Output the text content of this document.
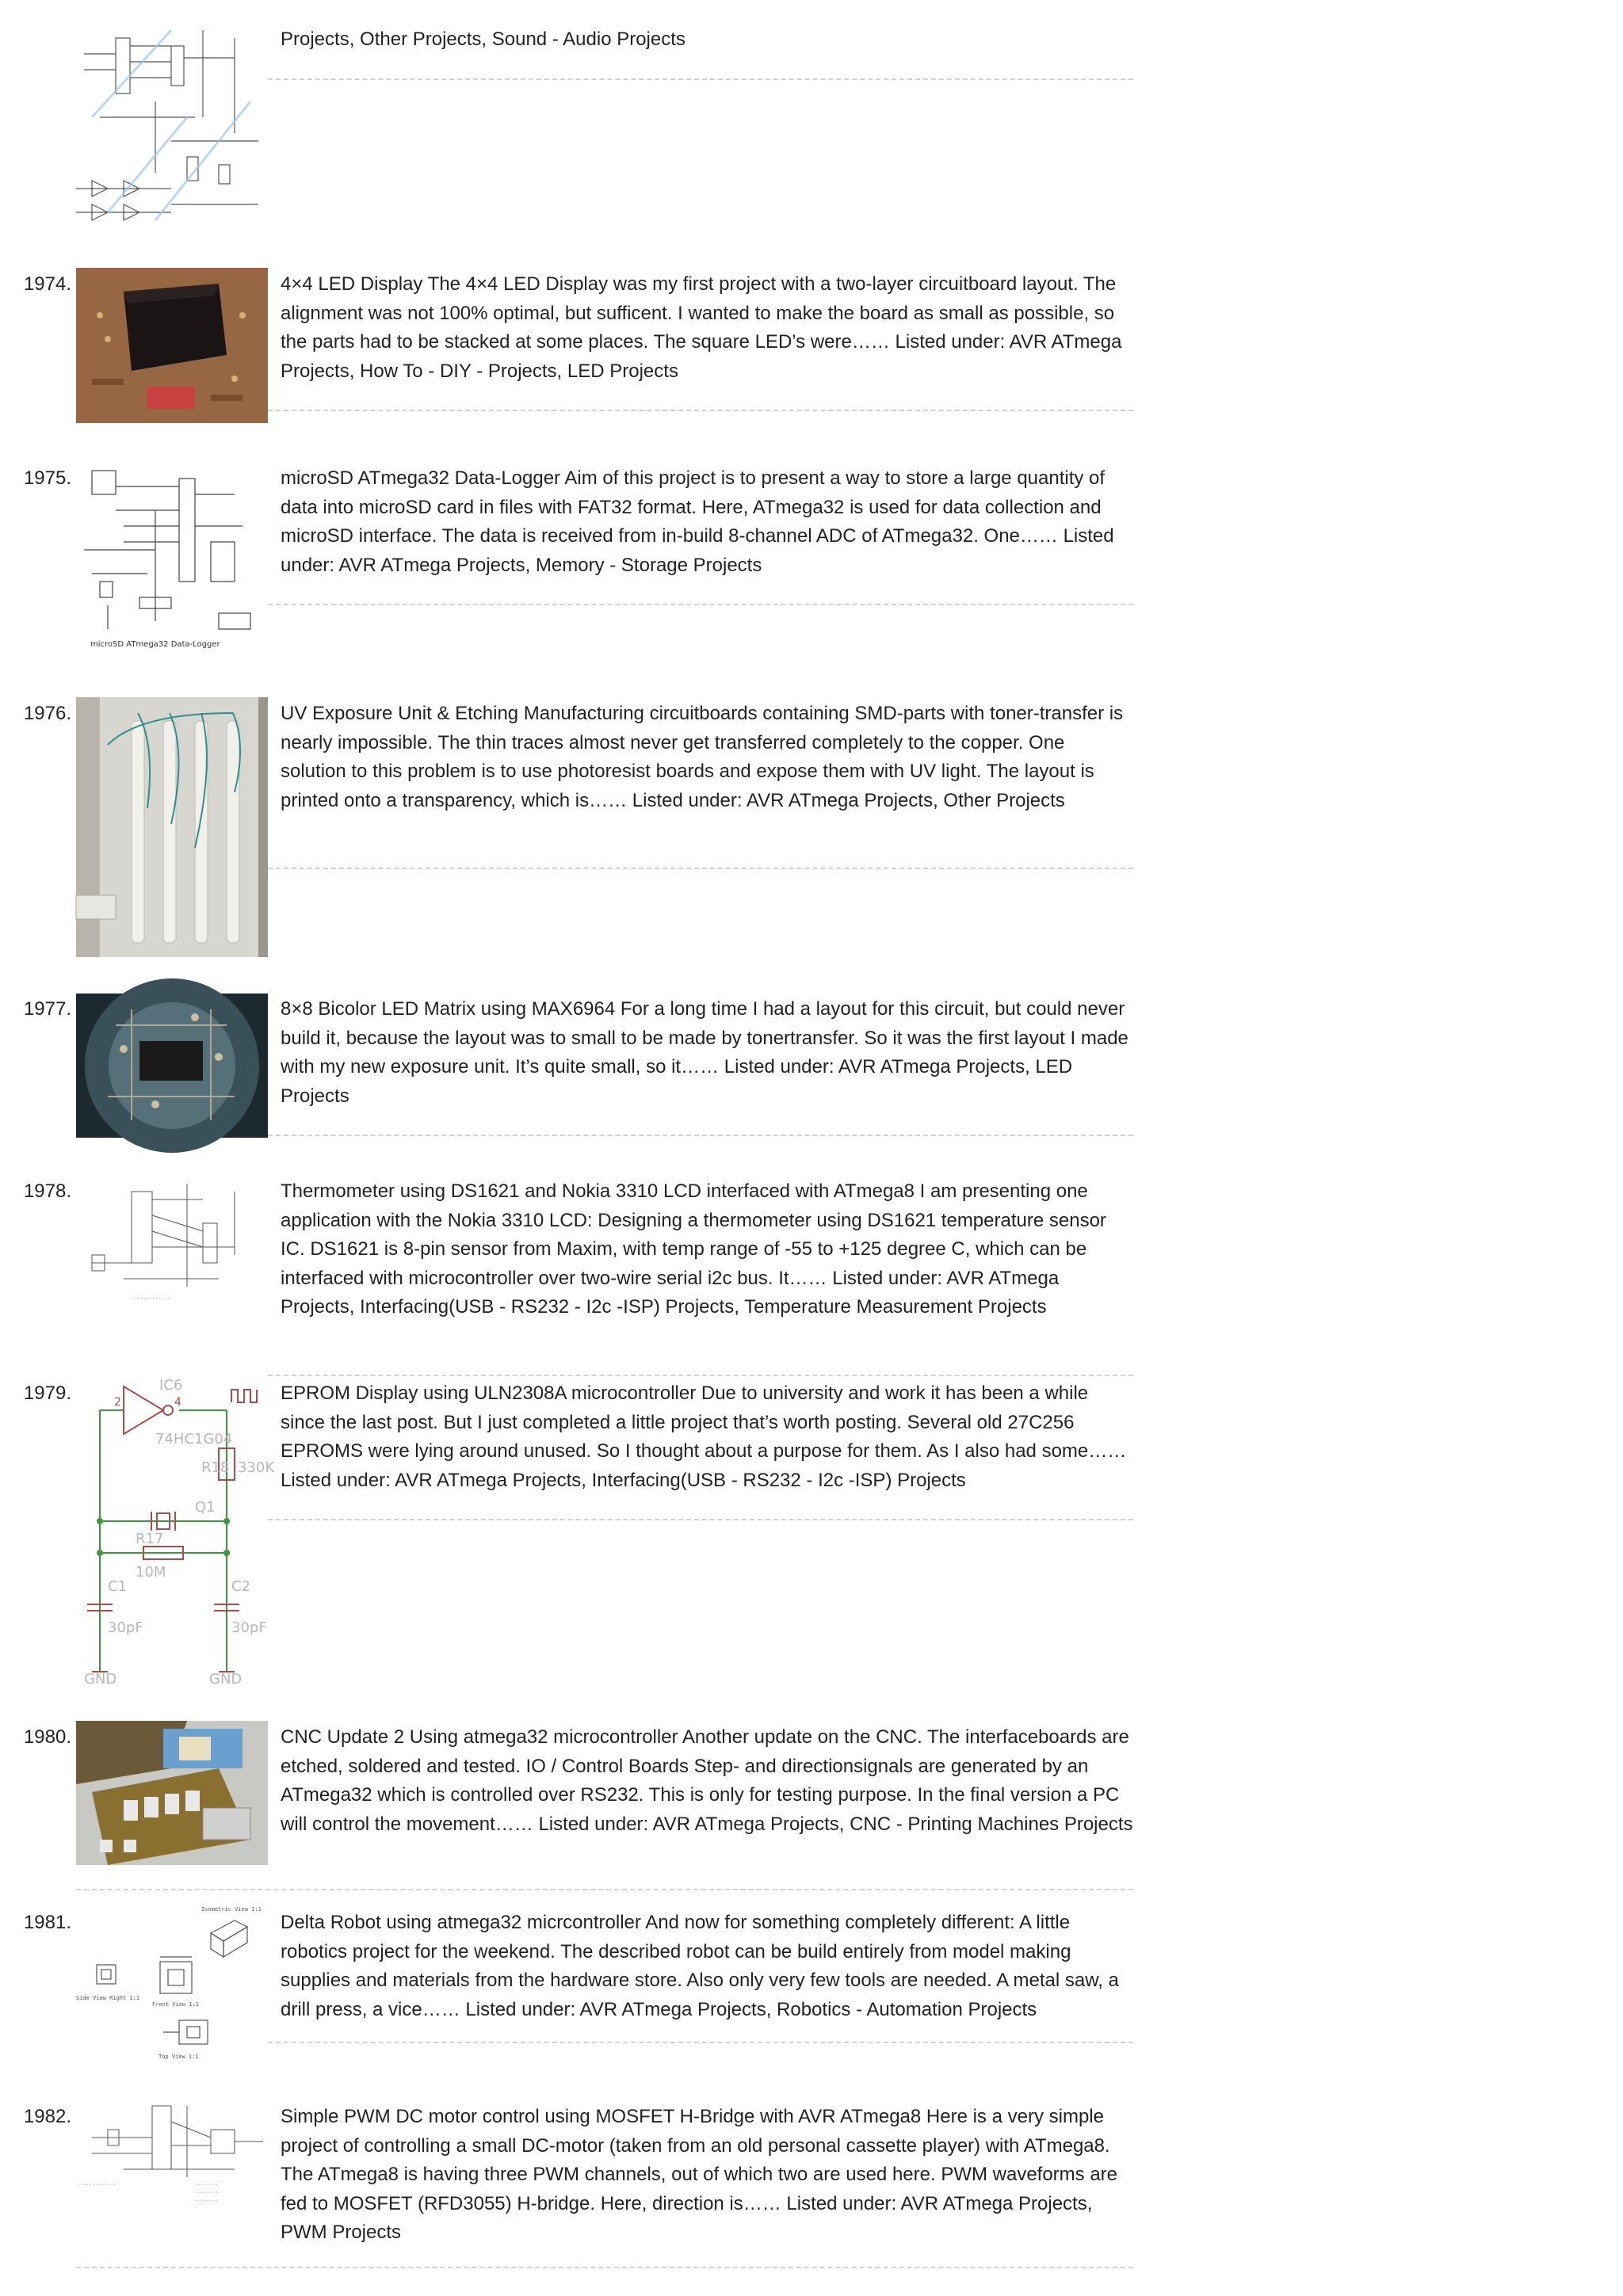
Projects, Other Projects, Sound - Audio Projects
1974.	4×4 LED Display The 4×4 LED Display was my first project with a two-layer circuitboard layout. The alignment was not 100% optimal, but sufficent. I wanted to make the board as small as possible, so the parts had to be stacked at some places. The square LED’s were…… Listed under: AVR ATmega Projects, How To - DIY - Projects, LED Projects
1975.
microSD ATmega32 Data-Logger
microSD ATmega32 Data-Logger Aim of this project is to present a way to store a large quantity of data into microSD card in files with FAT32 format. Here, ATmega32 is used for data collection and microSD interface. The data is received from in-build 8-channel ADC of ATmega32. One…… Listed under: AVR ATmega Projects, Memory - Storage Projects
1976.	UV Exposure Unit & Etching Manufacturing circuitboards containing SMD-parts with toner-transfer is nearly impossible. The thin traces almost never get transferred completely to the copper. One solution to this problem is to use photoresist boards and expose them with UV light. The layout is printed onto a transparency, which is…… Listed under: AVR ATmega Projects, Other Projects
1977.	8×8 Bicolor LED Matrix using MAX6964 For a long time I had a layout for this circuit, but could never build it, because the layout was to small to be made by tonertransfer. So it was the first layout I made with my new exposure unit. It’s quite small, so it…… Listed under: AVR ATmega Projects, LED Projects
1978.
· · · · · · · · · · · · ·
Thermometer using DS1621 and Nokia 3310 LCD interfaced with ATmega8 I am presenting one application with the Nokia 3310 LCD: Designing a thermometer using DS1621 temperature sensor IC. DS1621 is 8-pin sensor from Maxim, with temp range of -55 to +125 degree C, which can be interfaced with microcontroller over two-wire serial i2c bus. It…… Listed under: AVR ATmega Projects, Interfacing(USB - RS232 - I2c -ISP) Projects, Temperature Measurement Projects
1979.	IC6
74HC1G04
Q1
R17
10M
C1
30pF
C2
30pF
GND	GND
R18 330K
2	4	EPROM Display using ULN2308A microcontroller Due to university and work it has been a while since the last post. But I just completed a little project that’s worth posting. Several old 27C256 EPROMS were lying around unused. So I thought about a purpose for them. As I also had some…… Listed under: AVR ATmega Projects, Interfacing(USB - RS232 - I2c -ISP) Projects
1980.	CNC Update 2 Using atmega32 microcontroller Another update on the CNC. The interfaceboards are etched, soldered and tested. IO / Control Boards Step- and directionsignals are generated by an ATmega32 which is controlled over RS232. This is only for testing purpose. In the final version a PC will control the movement…… Listed under: AVR ATmega Projects, CNC - Printing Machines Projects
1981.
Isometric View 1:1
Side View Right 1:1
Front View 1:1
Top View 1:1
Delta Robot using atmega32 micrcontroller And now for something completely different: A little robotics project for the weekend. The described robot can be build entirely from model making supplies and materials from the hardware store. Also only very few tools are needed. A metal saw, a drill press, a vice…… Listed under: AVR ATmega Projects, Robotics - Automation Projects
1982.
· · · · · · · · · · · · ·	· · · · · · · ·
· · · · · · · ·
· · · · · · · ·
Simple PWM DC motor control using MOSFET H-Bridge with AVR ATmega8 Here is a very simple project of controlling a small DC-motor (taken from an old personal cassette player) with ATmega8. The ATmega8 is having three PWM channels, out of which two are used here. PWM waveforms are fed to MOSFET (RFD3055) H-bridge. Here, direction is…… Listed under: AVR ATmega Projects, PWM Projects
